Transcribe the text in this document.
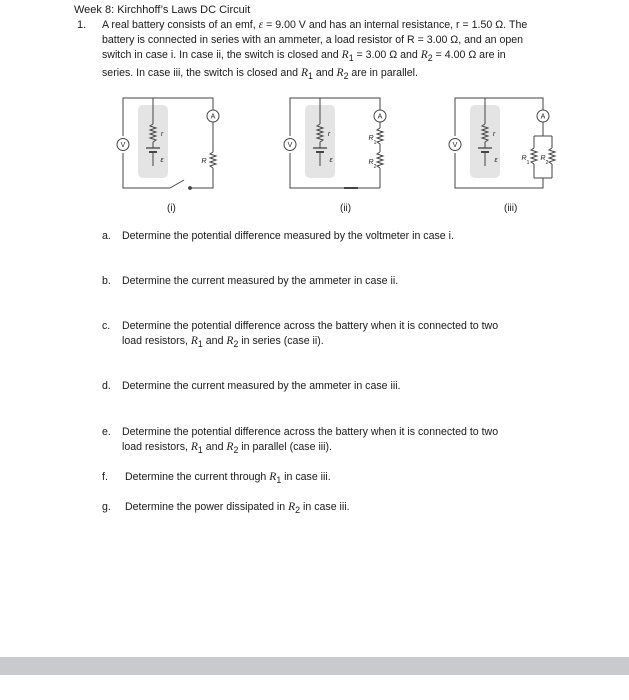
Week 8: Kirchhoff’s Laws DC Circuit
1. A real battery consists of an emf, ε = 9.00 V and has an internal resistance, r = 1.50 Ω. The
battery is connected in series with an ammeter, a load resistor of R = 3.00 Ω, and an open
switch in case i. In case ii, the switch is closed and $R_1 = 3.00$ Ω and $R_2 = 4.00$ Ω are in
series. In case iii, the switch is closed and $R_1$ and $R_2$ are in parallel.
V
A
r
ε	R
V
A
r
ε
R
1
R
2
V
A
r
ε	R
1
R
2
(i)	(ii)	(iii)
a. Determine the potential difference measured by the voltmeter in case i.
b. Determine the current measured by the ammeter in case ii.
c. Determine the potential difference across the battery when it is connected to two
load resistors, $R_1$ and $R_2$ in series (case ii).
d. Determine the current measured by the ammeter in case iii.
e. Determine the potential difference across the battery when it is connected to two
load resistors, $R_1$ and $R_2$ in parallel (case iii).
f. Determine the current through $R_1$ in case iii.
g. Determine the power dissipated in $R_2$ in case iii.
